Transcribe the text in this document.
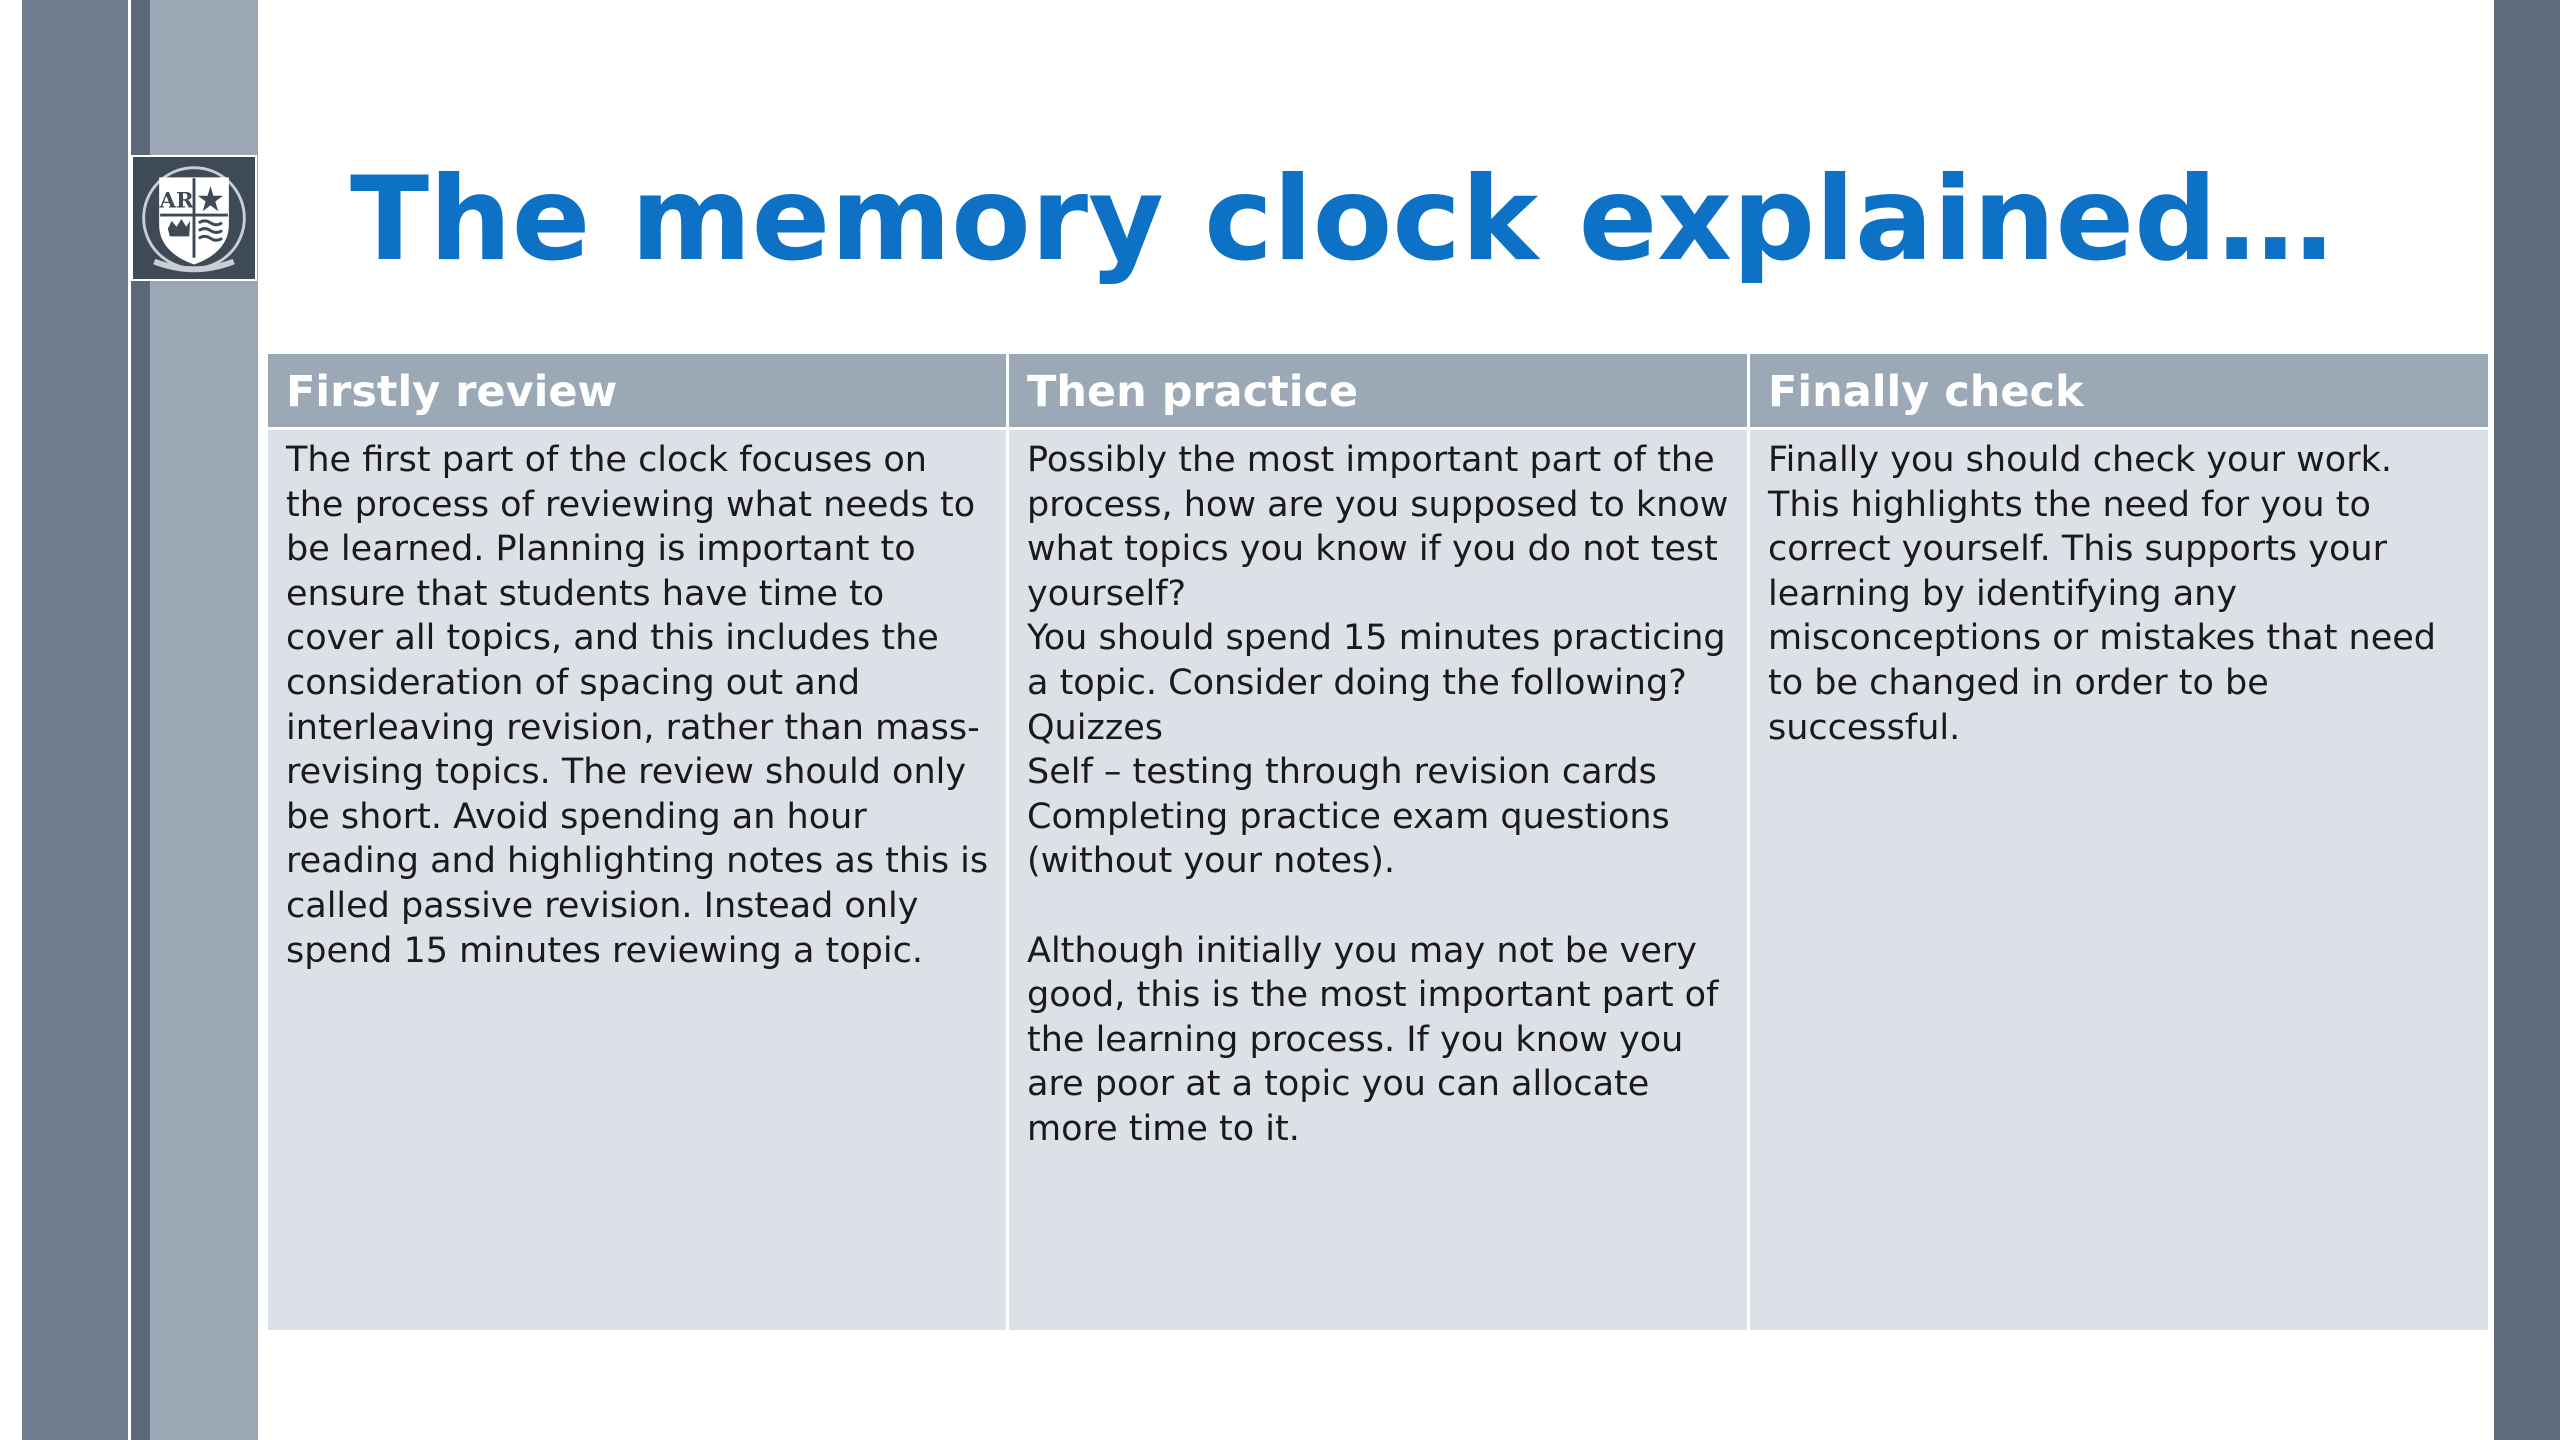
AR The memory clock explained…
Firstly review	Then practice	Finally check

The first part of the clock focuses on the process of reviewing what needs to be learned. Planning is important to ensure that students have time to cover all topics, and this includes the consideration of spacing out and interleaving revision, rather than mass-revising topics. The review should only be short. Avoid spending an hour reading and highlighting notes as this is called passive revision. Instead only spend 15 minutes reviewing a topic.

Possibly the most important part of the process, how are you supposed to know what topics you know if you do not test yourself?

You should spend 15 minutes practicing a topic. Consider doing the following?

Quizzes

Self – testing through revision cards

Completing practice exam questions (without your notes).

Although initially you may not be very good, this is the most important part of the learning process. If you know you are poor at a topic you can allocate more time to it.

Finally you should check your work. This highlights the need for you to correct yourself. This supports your learning by identifying any misconceptions or mistakes that need to be changed in order to be successful.
